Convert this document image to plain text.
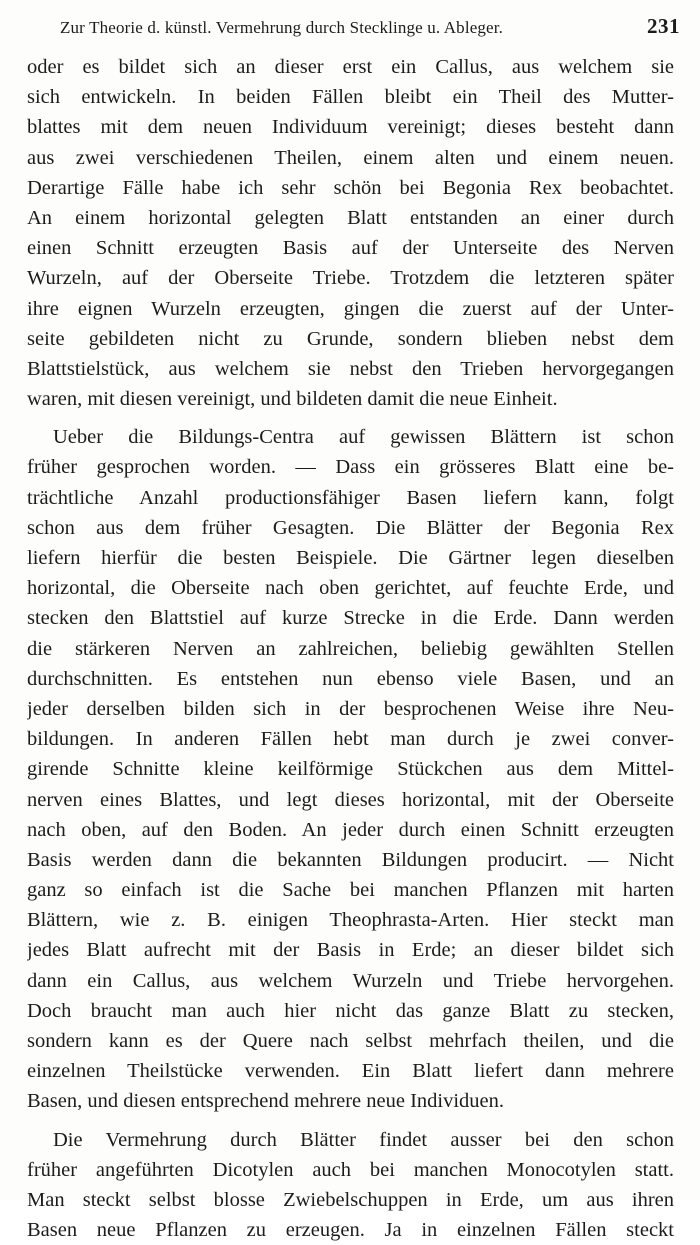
Zur Theorie d. künstl. Vermehrung durch Stecklinge u. Ableger.	231
oder es bildet sich an dieser erst ein Callus, aus welchem sie
sich entwickeln. In beiden Fällen bleibt ein Theil des Mutter-
blattes mit dem neuen Individuum vereinigt; dieses besteht dann
aus zwei verschiedenen Theilen, einem alten und einem neuen.
Derartige Fälle habe ich sehr schön bei Begonia Rex beobachtet.
An einem horizontal gelegten Blatt entstanden an einer durch
einen Schnitt erzeugten Basis auf der Unterseite des Nerven
Wurzeln, auf der Oberseite Triebe. Trotzdem die letzteren später
ihre eignen Wurzeln erzeugten, gingen die zuerst auf der Unter-
seite gebildeten nicht zu Grunde, sondern blieben nebst dem
Blattstielstück, aus welchem sie nebst den Trieben hervorgegangen
waren, mit diesen vereinigt, und bildeten damit die neue Einheit.
Ueber die Bildungs-Centra auf gewissen Blättern ist schon
früher gesprochen worden. — Dass ein grösseres Blatt eine be-
trächtliche Anzahl productionsfähiger Basen liefern kann, folgt
schon aus dem früher Gesagten. Die Blätter der Begonia Rex
liefern hierfür die besten Beispiele. Die Gärtner legen dieselben
horizontal, die Oberseite nach oben gerichtet, auf feuchte Erde, und
stecken den Blattstiel auf kurze Strecke in die Erde. Dann werden
die stärkeren Nerven an zahlreichen, beliebig gewählten Stellen
durchschnitten. Es entstehen nun ebenso viele Basen, und an
jeder derselben bilden sich in der besprochenen Weise ihre Neu-
bildungen. In anderen Fällen hebt man durch je zwei conver-
girende Schnitte kleine keilförmige Stückchen aus dem Mittel-
nerven eines Blattes, und legt dieses horizontal, mit der Oberseite
nach oben, auf den Boden. An jeder durch einen Schnitt erzeugten
Basis werden dann die bekannten Bildungen producirt. — Nicht
ganz so einfach ist die Sache bei manchen Pflanzen mit harten
Blättern, wie z. B. einigen Theophrasta-Arten. Hier steckt man
jedes Blatt aufrecht mit der Basis in Erde; an dieser bildet sich
dann ein Callus, aus welchem Wurzeln und Triebe hervorgehen.
Doch braucht man auch hier nicht das ganze Blatt zu stecken,
sondern kann es der Quere nach selbst mehrfach theilen, und die
einzelnen Theilstücke verwenden. Ein Blatt liefert dann mehrere
Basen, und diesen entsprechend mehrere neue Individuen.
Die Vermehrung durch Blätter findet ausser bei den schon
früher angeführten Dicotylen auch bei manchen Monocotylen statt.
Man steckt selbst blosse Zwiebelschuppen in Erde, um aus ihren
Basen neue Pflanzen zu erzeugen. Ja in einzelnen Fällen steckt
